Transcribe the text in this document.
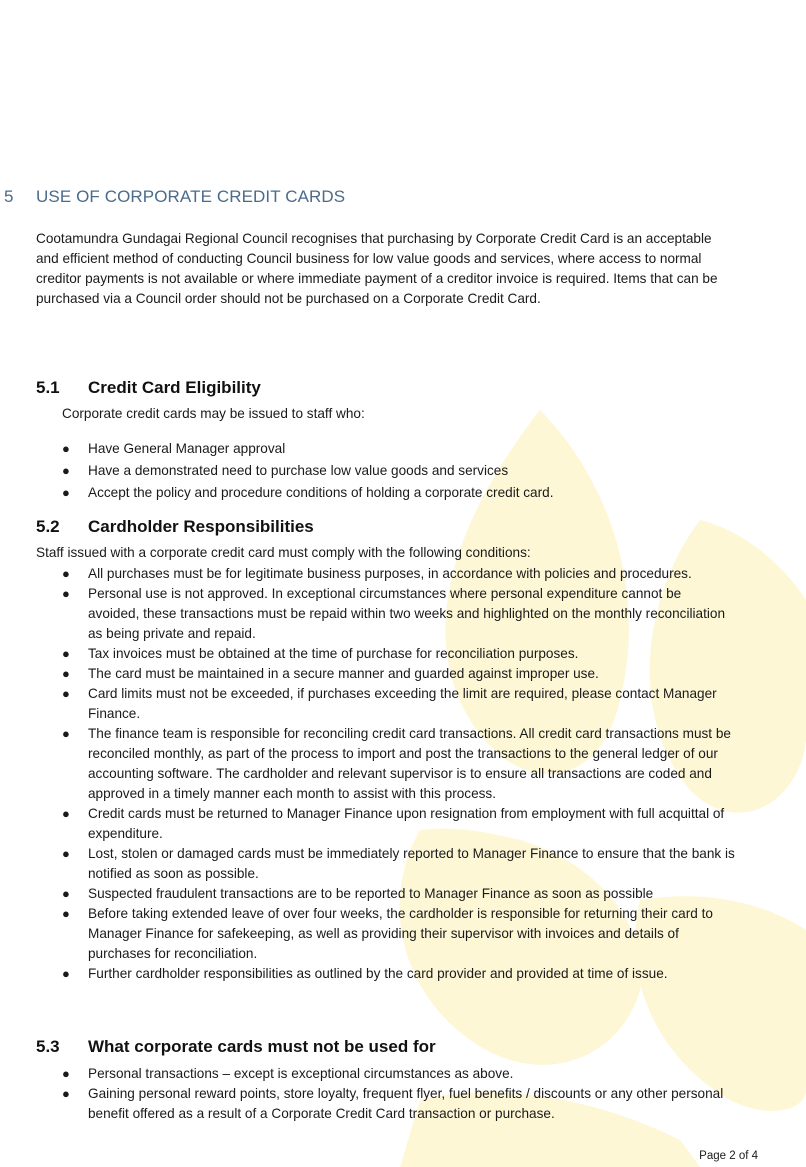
5 USE OF CORPORATE CREDIT CARDS

Cootamundra Gundagai Regional Council recognises that purchasing by Corporate Credit Card is an acceptable and efficient method of conducting Council business for low value goods and services, where access to normal creditor payments is not available or where immediate payment of a creditor invoice is required. Items that can be purchased via a Council order should not be purchased on a Corporate Credit Card.

5.1 Credit Card Eligibility

Corporate credit cards may be issued to staff who:

● Have General Manager approval
● Have a demonstrated need to purchase low value goods and services
● Accept the policy and procedure conditions of holding a corporate credit card.
5.2 Cardholder Responsibilities

Staff issued with a corporate credit card must comply with the following conditions:

● All purchases must be for legitimate business purposes, in accordance with policies and procedures.
● Personal use is not approved. In exceptional circumstances where personal expenditure cannot be avoided, these transactions must be repaid within two weeks and highlighted on the monthly reconciliation as being private and repaid.
● Tax invoices must be obtained at the time of purchase for reconciliation purposes.
● The card must be maintained in a secure manner and guarded against improper use.
● Card limits must not be exceeded, if purchases exceeding the limit are required, please contact Manager Finance.
● The finance team is responsible for reconciling credit card transactions. All credit card transactions must be reconciled monthly, as part of the process to import and post the transactions to the general ledger of our accounting software. The cardholder and relevant supervisor is to ensure all transactions are coded and approved in a timely manner each month to assist with this process.
● Credit cards must be returned to Manager Finance upon resignation from employment with full acquittal of expenditure.
● Lost, stolen or damaged cards must be immediately reported to Manager Finance to ensure that the bank is notified as soon as possible.
● Suspected fraudulent transactions are to be reported to Manager Finance as soon as possible
● Before taking extended leave of over four weeks, the cardholder is responsible for returning their card to Manager Finance for safekeeping, as well as providing their supervisor with invoices and details of purchases for reconciliation.
● Further cardholder responsibilities as outlined by the card provider and provided at time of issue.
5.3 What corporate cards must not be used for
● Personal transactions – except is exceptional circumstances as above.
● Gaining personal reward points, store loyalty, frequent flyer, fuel benefits / discounts or any other personal benefit offered as a result of a Corporate Credit Card transaction or purchase.
Page 2 of 4
